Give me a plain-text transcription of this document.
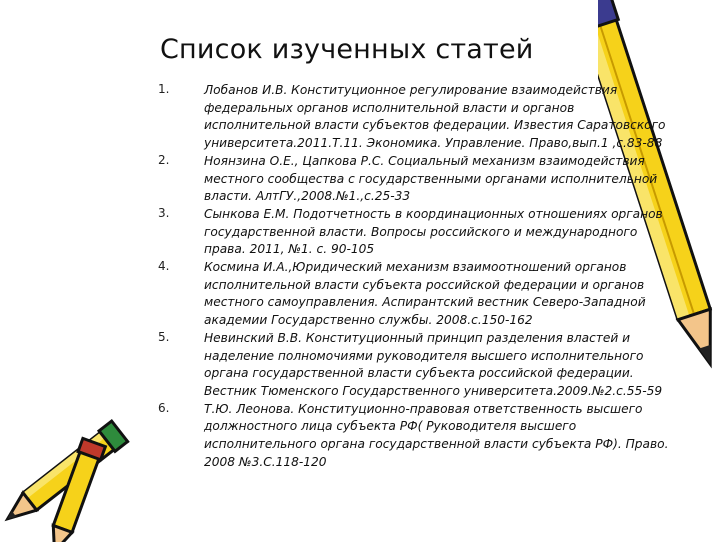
Список изученных статей
1.	Лобанов И.В. Конституционное регулирование взаимодействия федеральных органов исполнительной власти и органов исполнительной власти субъектов федерации. Известия Саратовского университета.2011.Т.11. Экономика. Управление. Право,вып.1 ,с.83-88
2.	Ноянзина О.Е., Цапкова Р.С. Социальный механизм взаимодействия местного сообщества с государственными органами исполнительной власти. АлтГУ.,2008.№1.,с.25-33
3.	Сынкова Е.М. Подотчетность в координационных отношениях органов государственной власти. Вопросы российского и международного права. 2011, №1. с. 90-105
4.	Космина И.А.,Юридический механизм взаимоотношений органов исполнительной власти субъекта российской федерации и органов местного самоуправления. Аспирантский вестник Северо-Западной академии Государственно службы. 2008.с.150-162
5.	Невинский В.В. Конституционный принцип разделения властей и наделение полномочиями руководителя высшего исполнительного органа государственной власти субъекта российской федерации. Вестник Тюменского Государственного университета.2009.№2.с.55-59
6.	Т.Ю. Леонова. Конституционно-правовая ответственность высшего должностного лица субъекта РФ( Руководителя высшего исполнительного органа государственной власти субъекта РФ). Право. 2008 №3.С.118-120
